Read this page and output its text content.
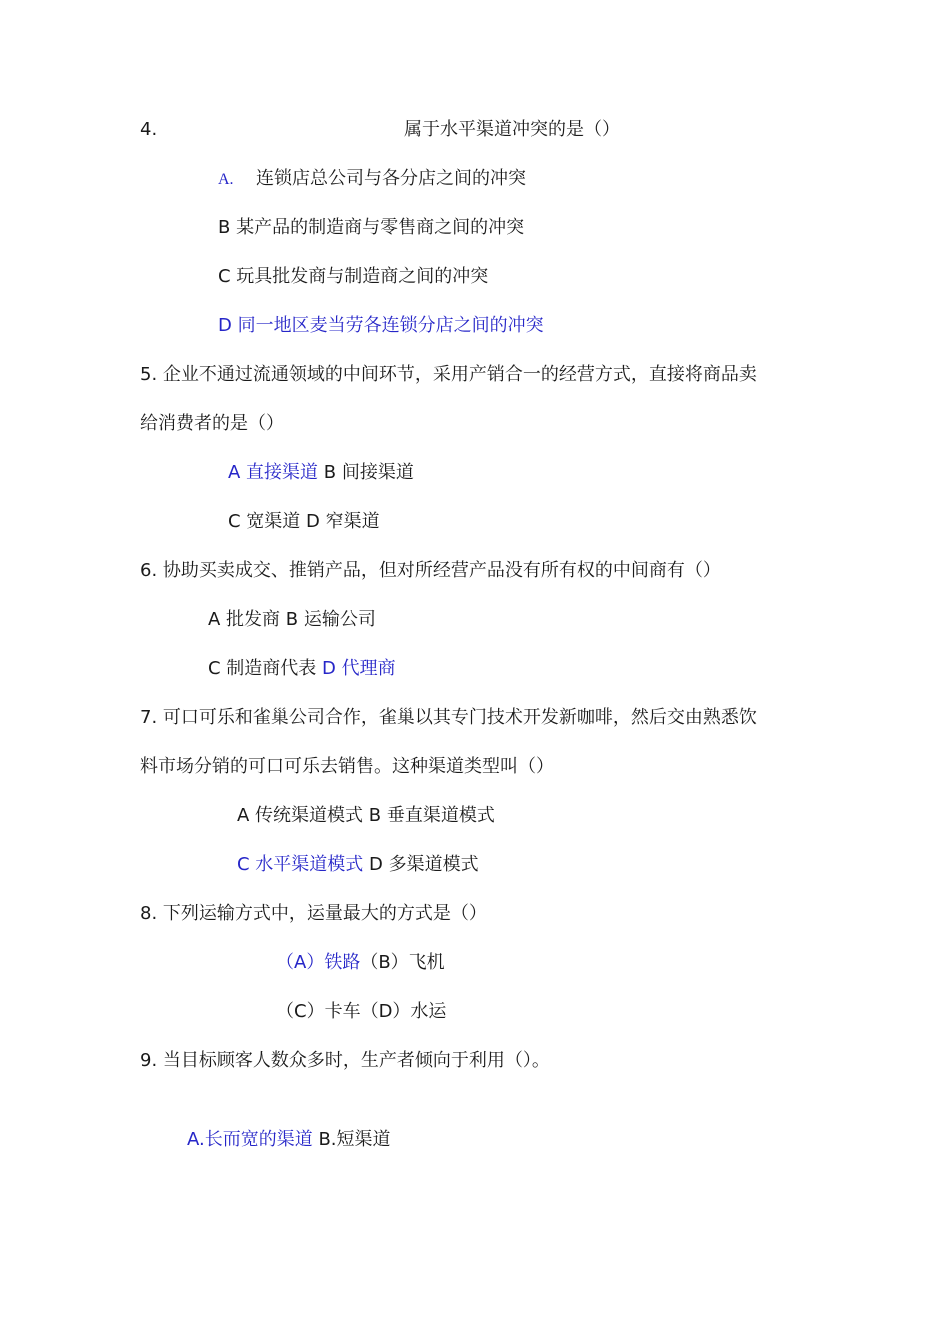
4.	属于水平渠道冲突的是（）
A. 连锁店总公司与各分店之间的冲突
B 某产品的制造商与零售商之间的冲突
C 玩具批发商与制造商之间的冲突
D 同一地区麦当劳各连锁分店之间的冲突
5. 企业不通过流通领域的中间环节，采用产销合一的经营方式，直接将商品卖
给消费者的是（）
A 直接渠道 B 间接渠道
C 宽渠道 D 窄渠道
6. 协助买卖成交、推销产品，但对所经营产品没有所有权的中间商有（）
A 批发商 B 运输公司
C 制造商代表 D 代理商
7. 可口可乐和雀巢公司合作，雀巢以其专门技术开发新咖啡，然后交由熟悉饮
料市场分销的可口可乐去销售。这种渠道类型叫（）
A 传统渠道模式 B 垂直渠道模式
C 水平渠道模式 D 多渠道模式
8. 下列运输方式中，运量最大的方式是（）
（A）铁路（B）飞机
（C）卡车（D）水运
9. 当目标顾客人数众多时，生产者倾向于利用（）。
A.长而宽的渠道 B.短渠道
